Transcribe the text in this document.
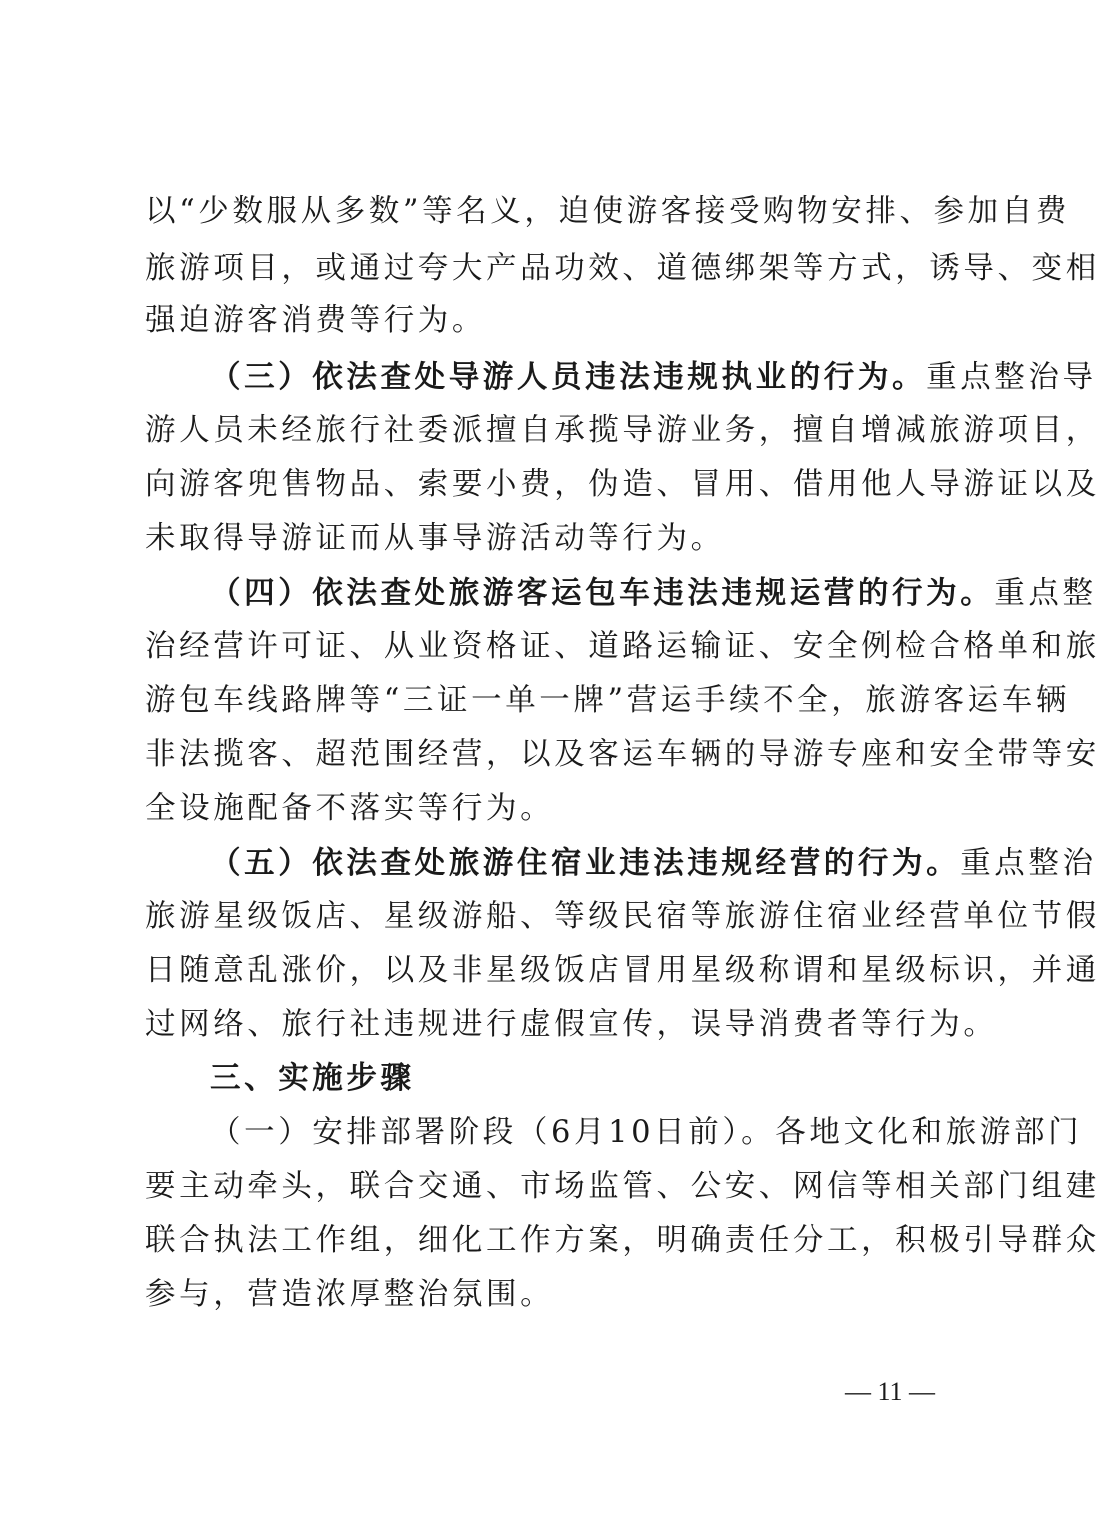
以“少数服从多数”等名义，迫使游客接受购物安排、参加自费
旅游项目，或通过夸大产品功效、道德绑架等方式，诱导、变相
强迫游客消费等行为。
（三）依法查处导游人员违法违规执业的行为。重点整治导
游人员未经旅行社委派擅自承揽导游业务，擅自增减旅游项目，
向游客兜售物品、索要小费，伪造、冒用、借用他人导游证以及
未取得导游证而从事导游活动等行为。
（四）依法查处旅游客运包车违法违规运营的行为。重点整
治经营许可证、从业资格证、道路运输证、安全例检合格单和旅
游包车线路牌等“三证一单一牌”营运手续不全，旅游客运车辆
非法揽客、超范围经营，以及客运车辆的导游专座和安全带等安
全设施配备不落实等行为。
（五）依法查处旅游住宿业违法违规经营的行为。重点整治
旅游星级饭店、星级游船、等级民宿等旅游住宿业经营单位节假
日随意乱涨价，以及非星级饭店冒用星级称谓和星级标识，并通
过网络、旅行社违规进行虚假宣传，误导消费者等行为。
三、实施步骤
（一）安排部署阶段（6月10日前）。各地文化和旅游部门
要主动牵头，联合交通、市场监管、公安、网信等相关部门组建
联合执法工作组，细化工作方案，明确责任分工，积极引导群众
参与，营造浓厚整治氛围。
— 11 —
